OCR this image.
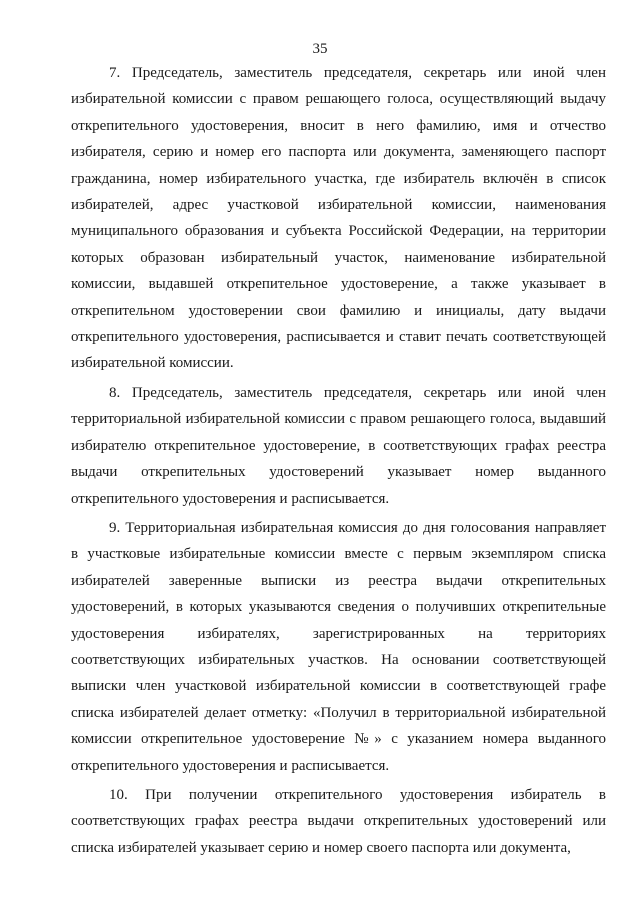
35

7. Председатель, заместитель председателя, секретарь или иной член избирательной комиссии с правом решающего голоса, осуществляющий выдачу открепительного удостоверения, вносит в него фамилию, имя и отчество избирателя, серию и номер его паспорта или документа, заменяющего паспорт гражданина, номер избирательного участка, где избиратель включён в список избирателей, адрес участковой избирательной комиссии, наименования муниципального образования и субъекта Российской Федерации, на территории которых образован избирательный участок, наименование избирательной комиссии, выдавшей открепительное удостоверение, а также указывает в открепительном удостоверении свои фамилию и инициалы, дату выдачи открепительного удостоверения, расписывается и ставит печать соответствующей избирательной комиссии.

8. Председатель, заместитель председателя, секретарь или иной член территориальной избирательной комиссии с правом решающего голоса, выдавший избирателю открепительное удостоверение, в соответствующих графах реестра выдачи открепительных удостоверений указывает номер выданного открепительного удостоверения и расписывается.

9. Территориальная избирательная комиссия до дня голосования направляет в участковые избирательные комиссии вместе с первым экземпляром списка избирателей заверенные выписки из реестра выдачи открепительных удостоверений, в которых указываются сведения о получивших открепительные удостоверения избирателях, зарегистрированных на территориях соответствующих избирательных участков. На основании соответствующей выписки член участковой избирательной комиссии в соответствующей графе списка избирателей делает отметку: «Получил в территориальной избирательной комиссии открепительное удостоверение №» с указанием номера выданного открепительного удостоверения и расписывается.

10. При получении открепительного удостоверения избиратель в соответствующих графах реестра выдачи открепительных удостоверений или списка избирателей указывает серию и номер своего паспорта или документа,
